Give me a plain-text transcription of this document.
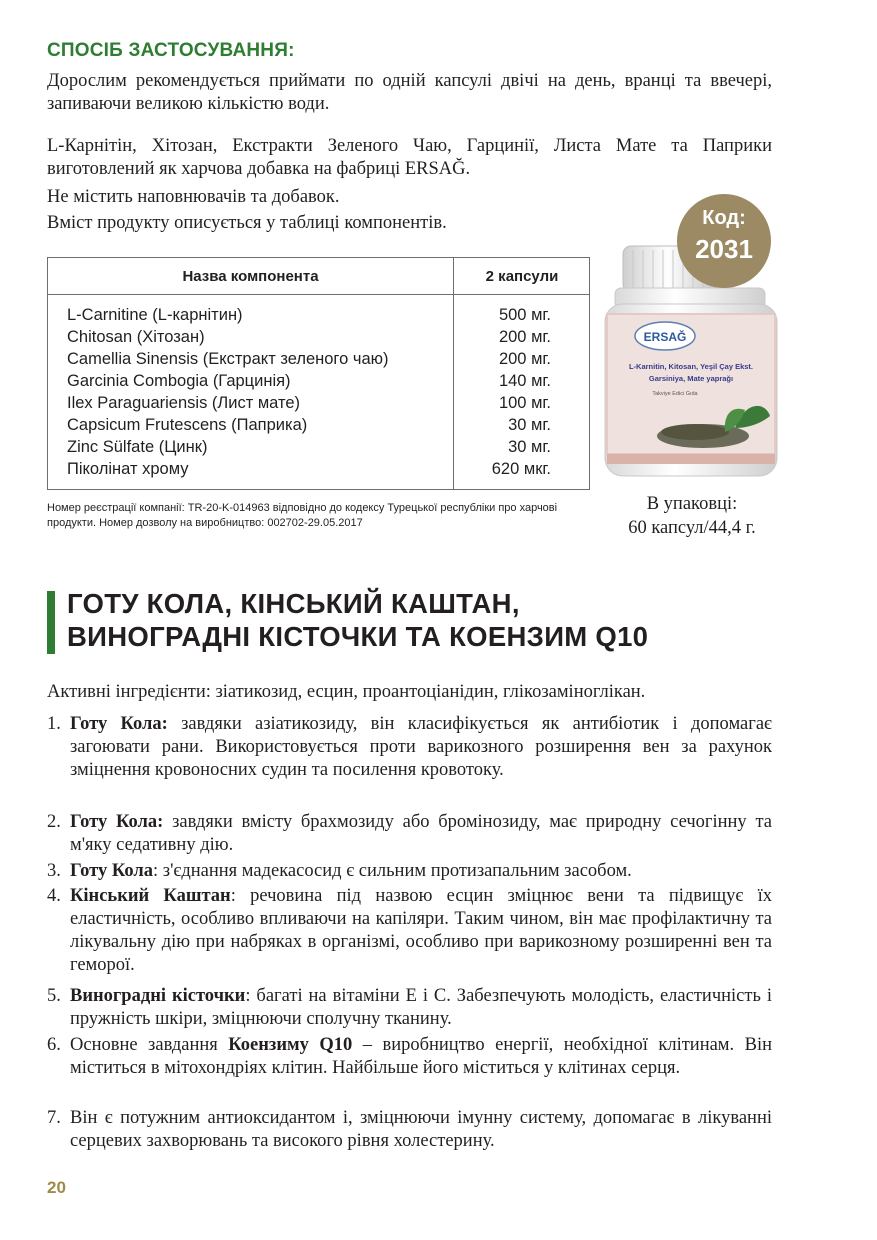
СПОСІБ ЗАСТОСУВАННЯ:
Дорослим рекомендується приймати по одній капсулі двічі на день, вранці та ввечері, запиваючи великою кількістю води.
L-Карнітін, Хітозан, Екстракти Зеленого Чаю, Гарцинії, Листа Мате та Паприки виготовлений як харчова добавка на фабриці ERSAĞ.
Не містить наповнювачів та добавок.
Вміст продукту описується у таблиці компонентів.
Назва компонента	2 капсули
L-Carnitine (L-карнітин)	500 мг.
Chitosan (Хітозан)	200 мг.
Camellia Sinensis (Екстракт зеленого чаю)	200 мг.
Garcinia Combogia (Гарцинія)	140 мг.
Ilex Paraguariensis (Лист мате)	100 мг.
Capsicum Frutescens (Паприка)	30 мг.
Zinc Sülfate (Цинк)	30 мг.
Піколінат хрому	620 мкг.
Номер реєстрації компанії: TR-20-K-014963 відповідно до кодексу Турецької республіки про харчові продукти. Номер дозволу на виробництво: 002702-29.05.2017
ERSAĞ
L-Karnitin, Kitosan, Yeşil Çay Ekst.
Garsiniya, Mate yaprağı
Takviye Edici Gıda
Код:
2031
В упаковці:
60 капсул/44,4 г.
ГОТУ КОЛА, КІНСЬКИЙ КАШТАН,
ВИНОГРАДНІ КІСТОЧКИ ТА КОЕНЗИМ Q10
Активні інгредієнти: зіатикозид, есцин, проантоціанідин, глікозаміноглікан.
1. Готу Кола: завдяки азіатикозиду, він класифікується як антибіотик і допомагає загоювати рани. Використовується проти варикозного розширення вен за рахунок зміцнення кровоносних судин та посилення кровотоку.
2. Готу Кола: завдяки вмісту брахмозиду або бромінозиду, має природну сечогінну та м'яку седативну дію.
3. Готу Кола: з'єднання мадекасосид є сильним протизапальним засобом.
4. Кінський Каштан: речовина під назвою есцин зміцнює вени та підвищує їх еластичність, особливо впливаючи на капіляри. Таким чином, він має профілактичну та лікувальну дію при набряках в організмі, особливо при варикозному розширенні вен та геморої.
5. Виноградні кісточки: багаті на вітаміни Е і С. Забезпечують молодість, еластичність і пружність шкіри, зміцнюючи сполучну тканину.
6. Основне завдання Коензиму Q10 – виробництво енергії, необхідної клітинам. Він міститься в мітохондріях клітин. Найбільше його міститься у клітинах серця.
7. Він є потужним антиоксидантом і, зміцнюючи імунну систему, допомагає в лікуванні серцевих захворювань та високого рівня холестерину.
20
